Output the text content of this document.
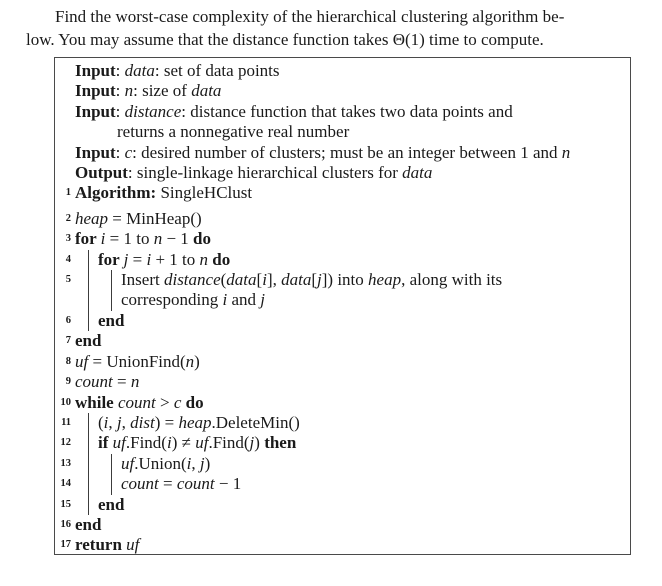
Find the worst-case complexity of the hierarchical clustering algorithm be-
low. You may assume that the distance function takes Θ(1) time to compute.
Input: data: set of data points
Input: n: size of data
Input: distance: distance function that takes two data points and
returns a nonnegative real number
Input: c: desired number of clusters; must be an integer between 1 and n
Output: single-linkage hierarchical clusters for data
1 Algorithm: SingleHClust
2 heap = MinHeap()
3 for i = 1 to n − 1 do
4 for j = i + 1 to n do
5	Insert distance(data[i], data[j]) into heap, along with its
corresponding i and j
6 end
7 end
8 uf = UnionFind(n)
9 count = n
10 while count > c do
11 (i, j, dist) = heap.DeleteMin()
12 if uf.Find(i) ≠ uf.Find(j) then
13	uf.Union(i, j)
14	count = count − 1
15 end
16 end
17 return uf
